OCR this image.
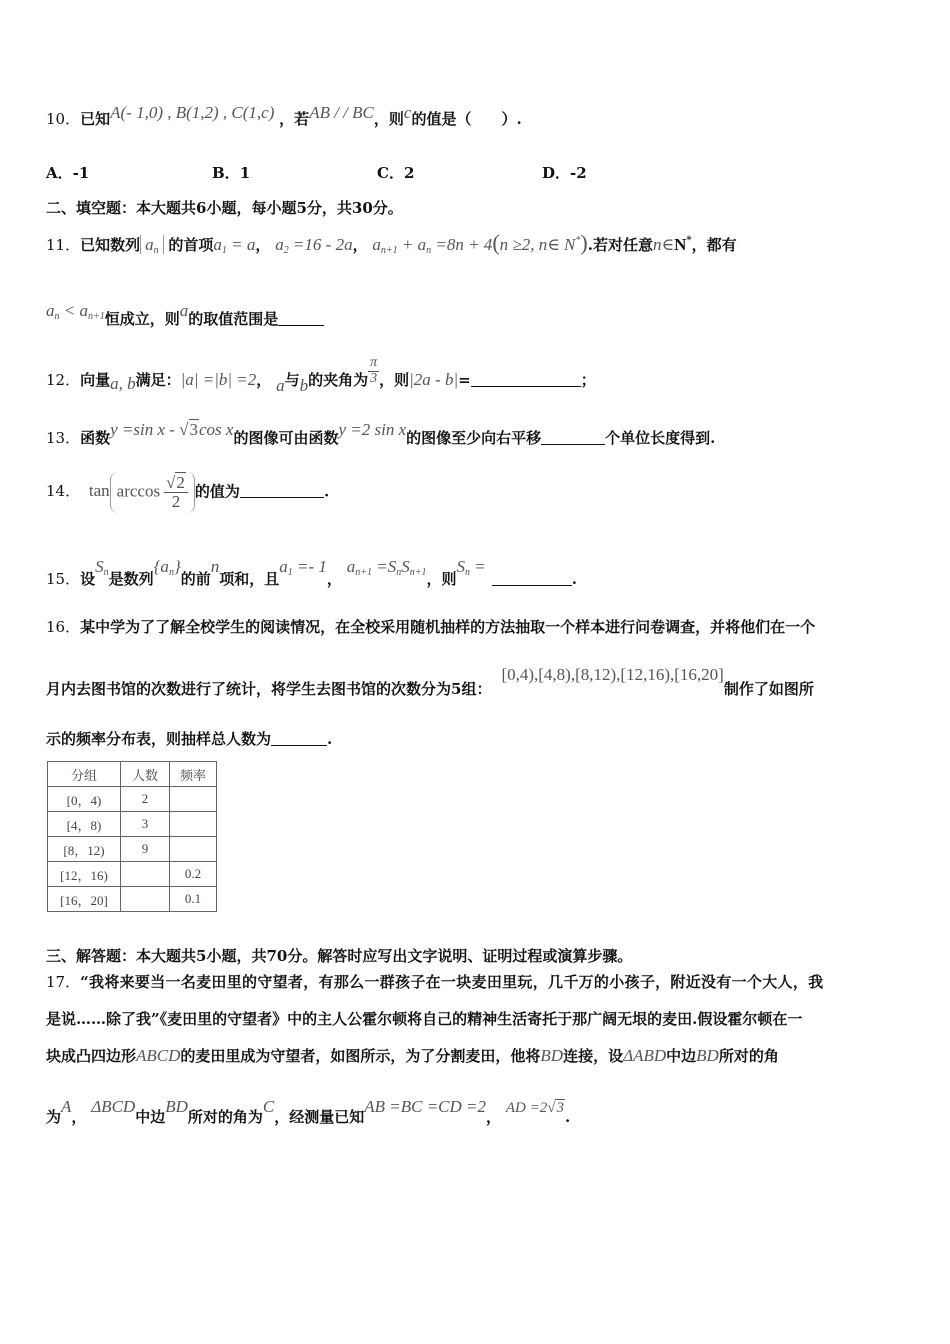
10．已知A(- 1,0) , B(1,2) , C(1,c) ，若AB / / BC，则c的值是（　　）.
A．-1	B．1	C．2	D．-2
二、填空题：本大题共6小题，每小题5分，共30分。
11．已知数列 $a_n$ 的首项$a_1 = a$， $a_2 =16 - 2a$， $a_{n+1} + a_n =8n + 4(n \ge 2$, n∈ N*).若对任意n∈N*，都有
$a_n < a_{n+1}$恒成立，则a的取值范围是
12．向量a, b满足：|a| =|b| =2， a与b的夹角为 $\frac{\pi}{3}$ ，则|2a - b|=	；
13．函数y =sin x - √3cos x的图像可由函数y =2 sin x的图像至少向右平移	个单位长度得到.
14． $\tan \arccos \frac{√2}{2}$ 的值为	.
15．设$S_n$是数列$\{a_n\}$的前n项和，且$a_1 =- 1$， $a_{n+1} =S_nS_{n+1}$，则$S_n$ =.
16．某中学为了了解全校学生的阅读情况，在全校采用随机抽样的方法抽取一个样本进行问卷调查，并将他们在一个
月内去图书馆的次数进行了统计，将学生去图书馆的次数分为5组：[0,4),[4,8),[8,12),[12,16),[16,20]制作了如图所
示的频率分布表，则抽样总人数为	.
分组	人数	频率
[0，4)	2	
[4，8)	3	
[8，12)	9	
[12，16)		0.2
[16，20]		0.1
三、解答题：本大题共5小题，共70分。解答时应写出文字说明、证明过程或演算步骤。
17．“我将来要当一名麦田里的守望者，有那么一群孩子在一块麦田里玩，几千万的小孩子，附近没有一个大人，我
是说……除了我”《麦田里的守望者》中的主人公霍尔顿将自己的精神生活寄托于那广阔无垠的麦田.假设霍尔顿在一
块成凸四边形ABCD的麦田里成为守望者，如图所示，为了分割麦田，他将BD连接，设ΔABD中边BD所对的角
为A， ΔBCD中边BD所对的角为C，经测量已知AB =BC =CD =2， AD =2√3.
